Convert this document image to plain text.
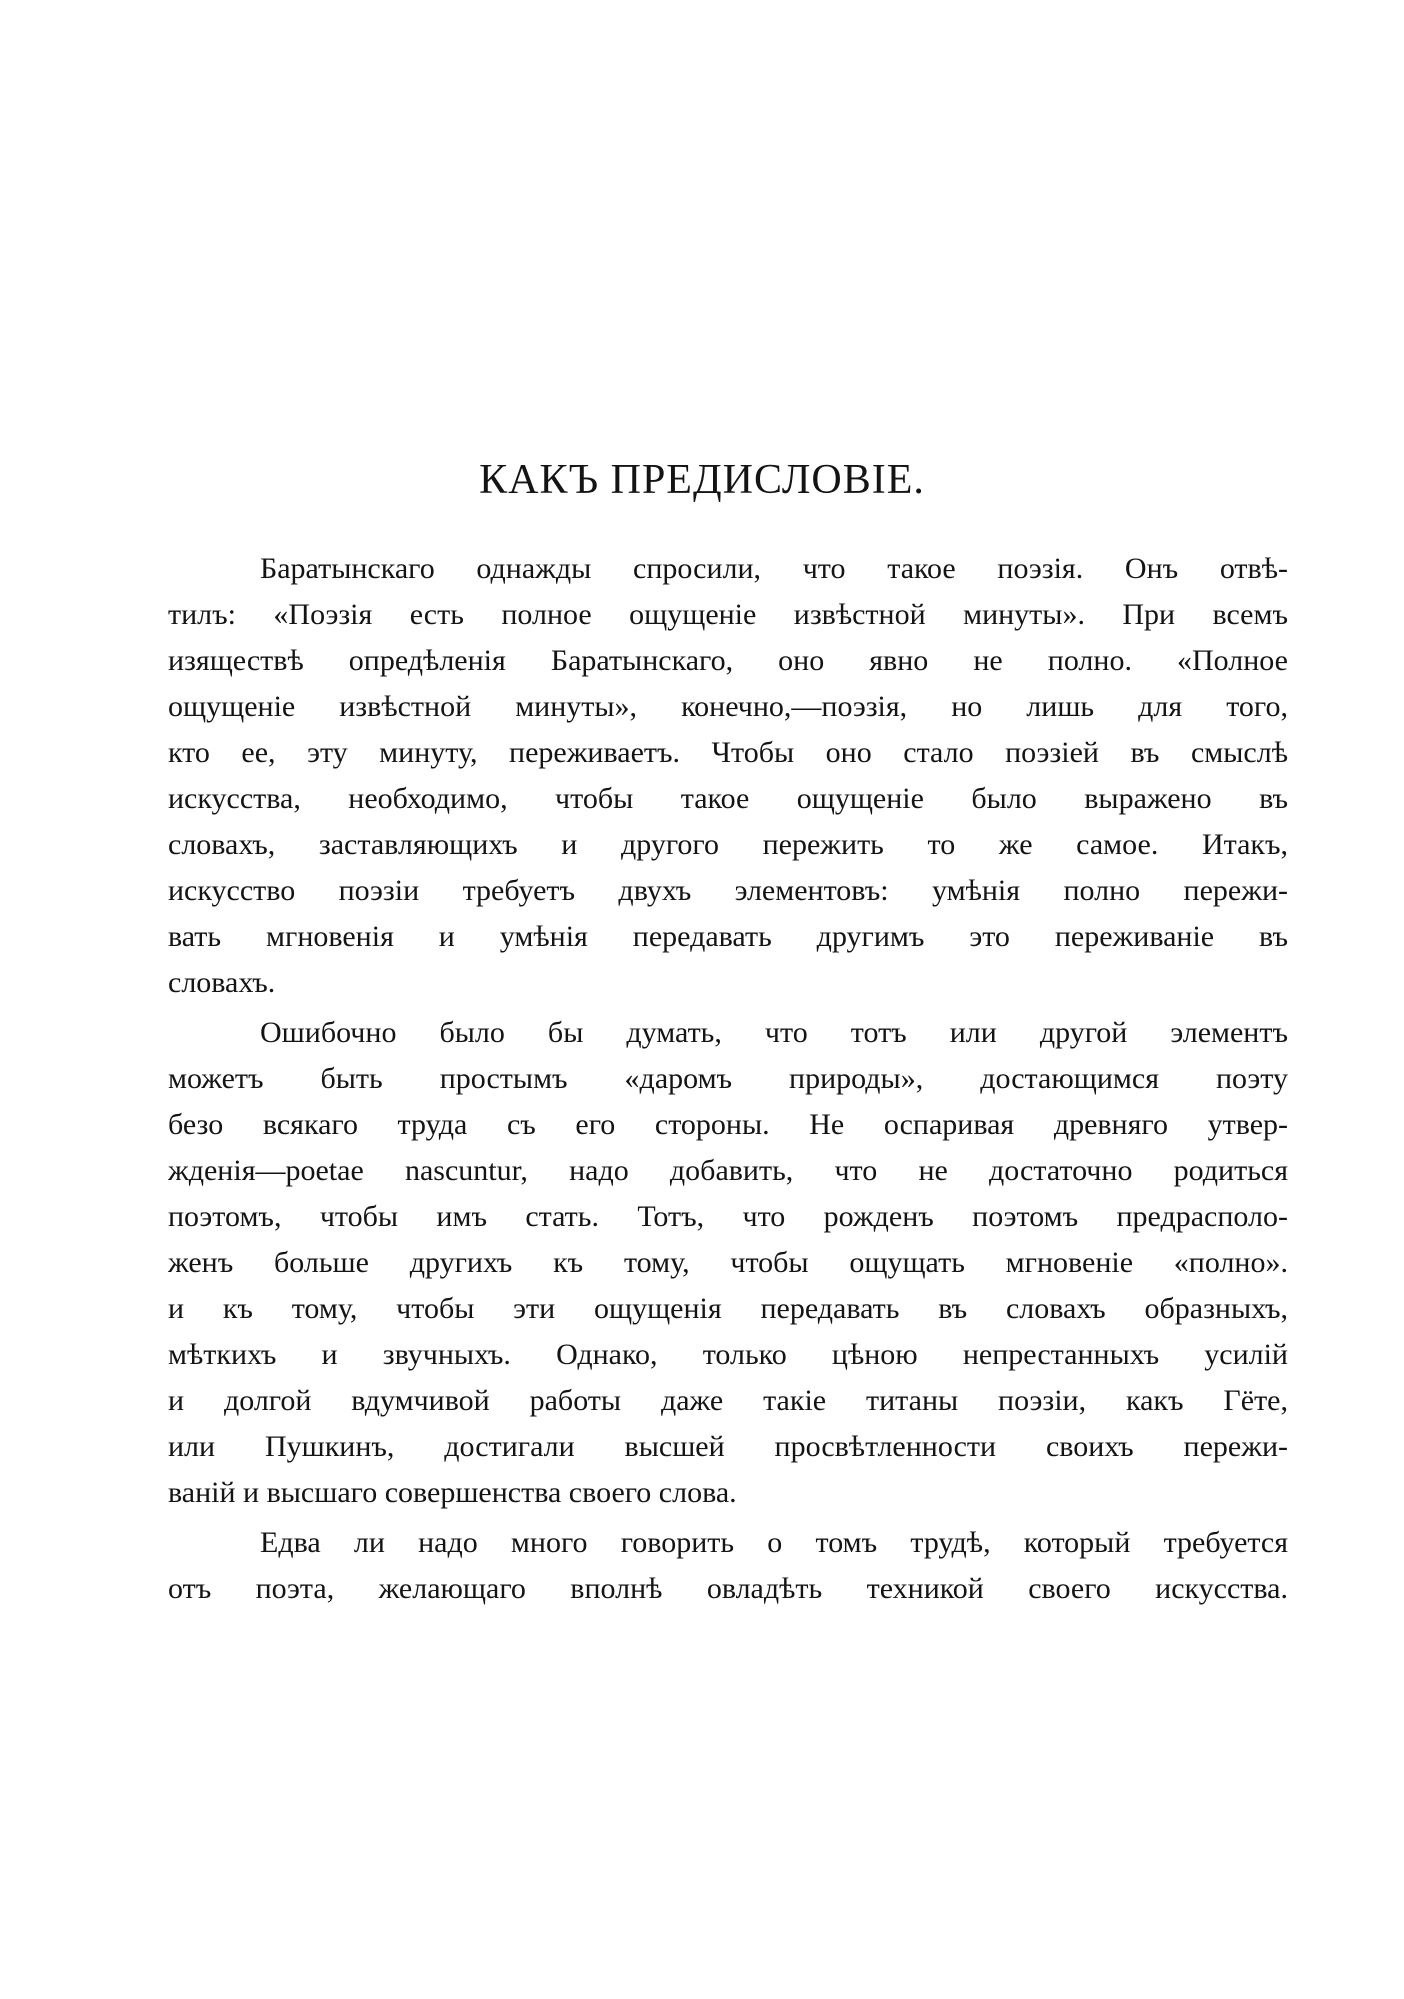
КАКЪ ПРЕДИСЛОВІЕ.
Баратынскаго однажды спросили, что такое поэзія. Онъ отвѣ-
тилъ: «Поэзія есть полное ощущеніе извѣстной минуты». При всемъ
изяществѣ опредѣленія Баратынскаго, оно явно не полно. «Полное
ощущеніе извѣстной минуты», конечно,—поэзія, но лишь для того,
кто ее, эту минуту, переживаетъ. Чтобы оно стало поэзіей въ смыслѣ
искусства, необходимо, чтобы такое ощущеніе было выражено въ
словахъ, заставляющихъ и другого пережить то же самое. Итакъ,
искусство поэзіи требуетъ двухъ элементовъ: умѣнія полно пережи-
вать мгновенія и умѣнія передавать другимъ это переживаніе въ
словахъ.
Ошибочно было бы думать, что тотъ или другой элементъ
можетъ быть простымъ «даромъ природы», достающимся поэту
безо всякаго труда съ его стороны. Не оспаривая древняго утвер-
жденія—poetae nascuntur, надо добавить, что не достаточно родиться
поэтомъ, чтобы имъ стать. Тотъ, что рожденъ поэтомъ предрасполо-
женъ больше другихъ къ тому, чтобы ощущать мгновеніе «полно».
и къ тому, чтобы эти ощущенія передавать въ словахъ образныхъ,
мѣткихъ и звучныхъ. Однако, только цѣною непрестанныхъ усилій
и долгой вдумчивой работы даже такіе титаны поэзіи, какъ Гёте,
или Пушкинъ, достигали высшей просвѣтленности своихъ пережи-
ваній и высшаго совершенства своего слова.
Едва ли надо много говорить о томъ трудѣ, который требуется
отъ поэта, желающаго вполнѣ овладѣть техникой своего искусства.
